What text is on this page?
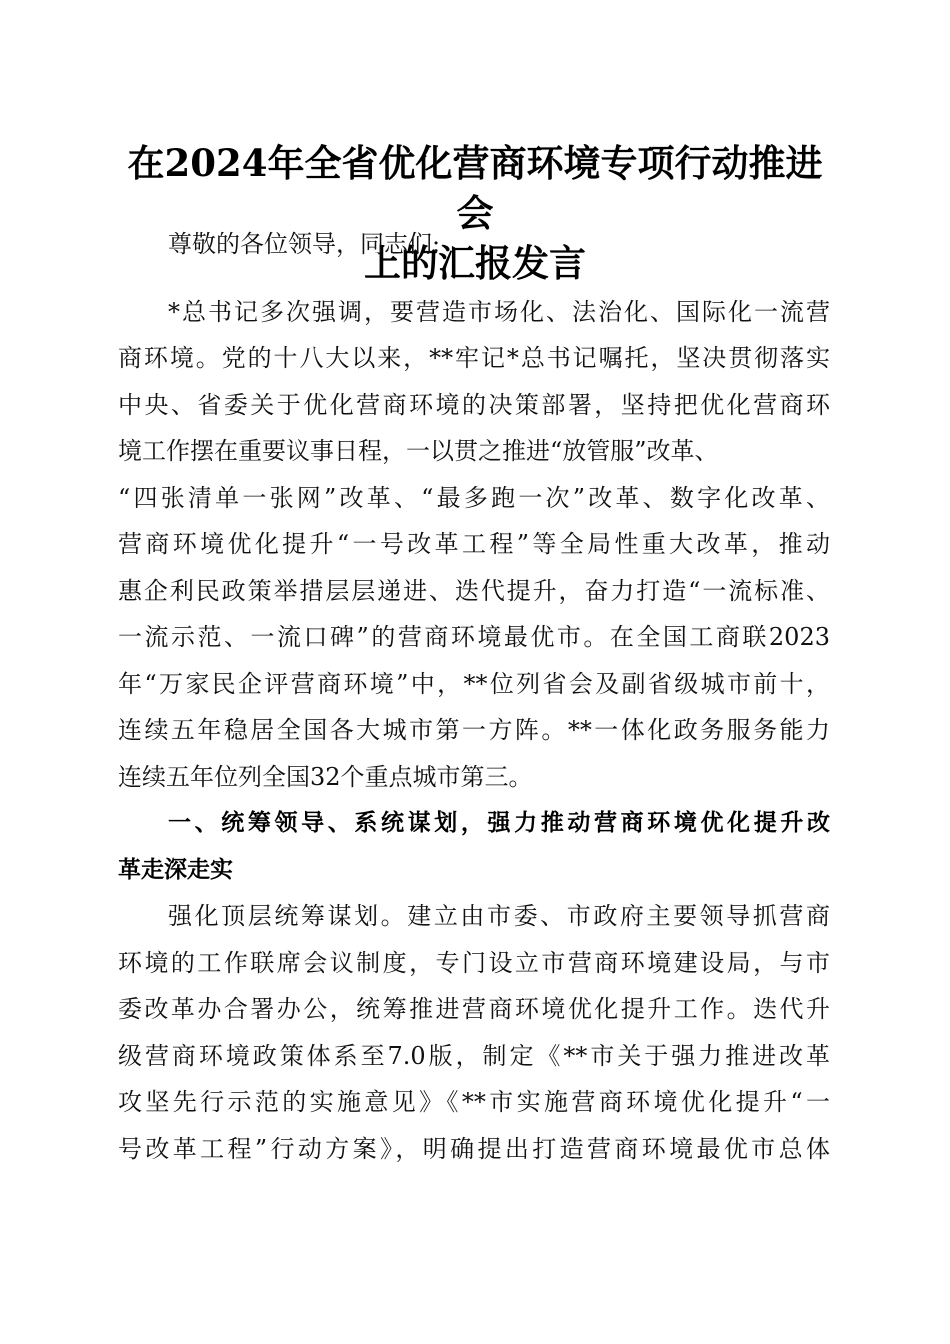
在2024年全省优化营商环境专项行动推进会
上的汇报发言

尊敬的各位领导，同志们:

*总书记多次强调，要营造市场化、法治化、国际化一流营

商环境。党的十八大以来，**牢记*总书记嘱托，坚决贯彻落实

中央、省委关于优化营商环境的决策部署，坚持把优化营商环

境工作摆在重要议事日程，一以贯之推进“放管服”改革、

“四张清单一张网”改革、“最多跑一次”改革、数字化改革、

营商环境优化提升“一号改革工程”等全局性重大改革，推动

惠企利民政策举措层层递进、迭代提升，奋力打造“一流标准、

一流示范、一流口碑”的营商环境最优市。在全国工商联2023

年“万家民企评营商环境”中，**位列省会及副省级城市前十，

连续五年稳居全国各大城市第一方阵。**一体化政务服务能力

连续五年位列全国32个重点城市第三。

一、统筹领导、系统谋划，强力推动营商环境优化提升改

革走深走实

强化顶层统筹谋划。建立由市委、市政府主要领导抓营商

环境的工作联席会议制度，专门设立市营商环境建设局，与市

委改革办合署办公，统筹推进营商环境优化提升工作。迭代升

级营商环境政策体系至7.0版，制定《**市关于强力推进改革

攻坚先行示范的实施意见》《**市实施营商环境优化提升“一

号改革工程”行动方案》，明确提出打造营商环境最优市总体
